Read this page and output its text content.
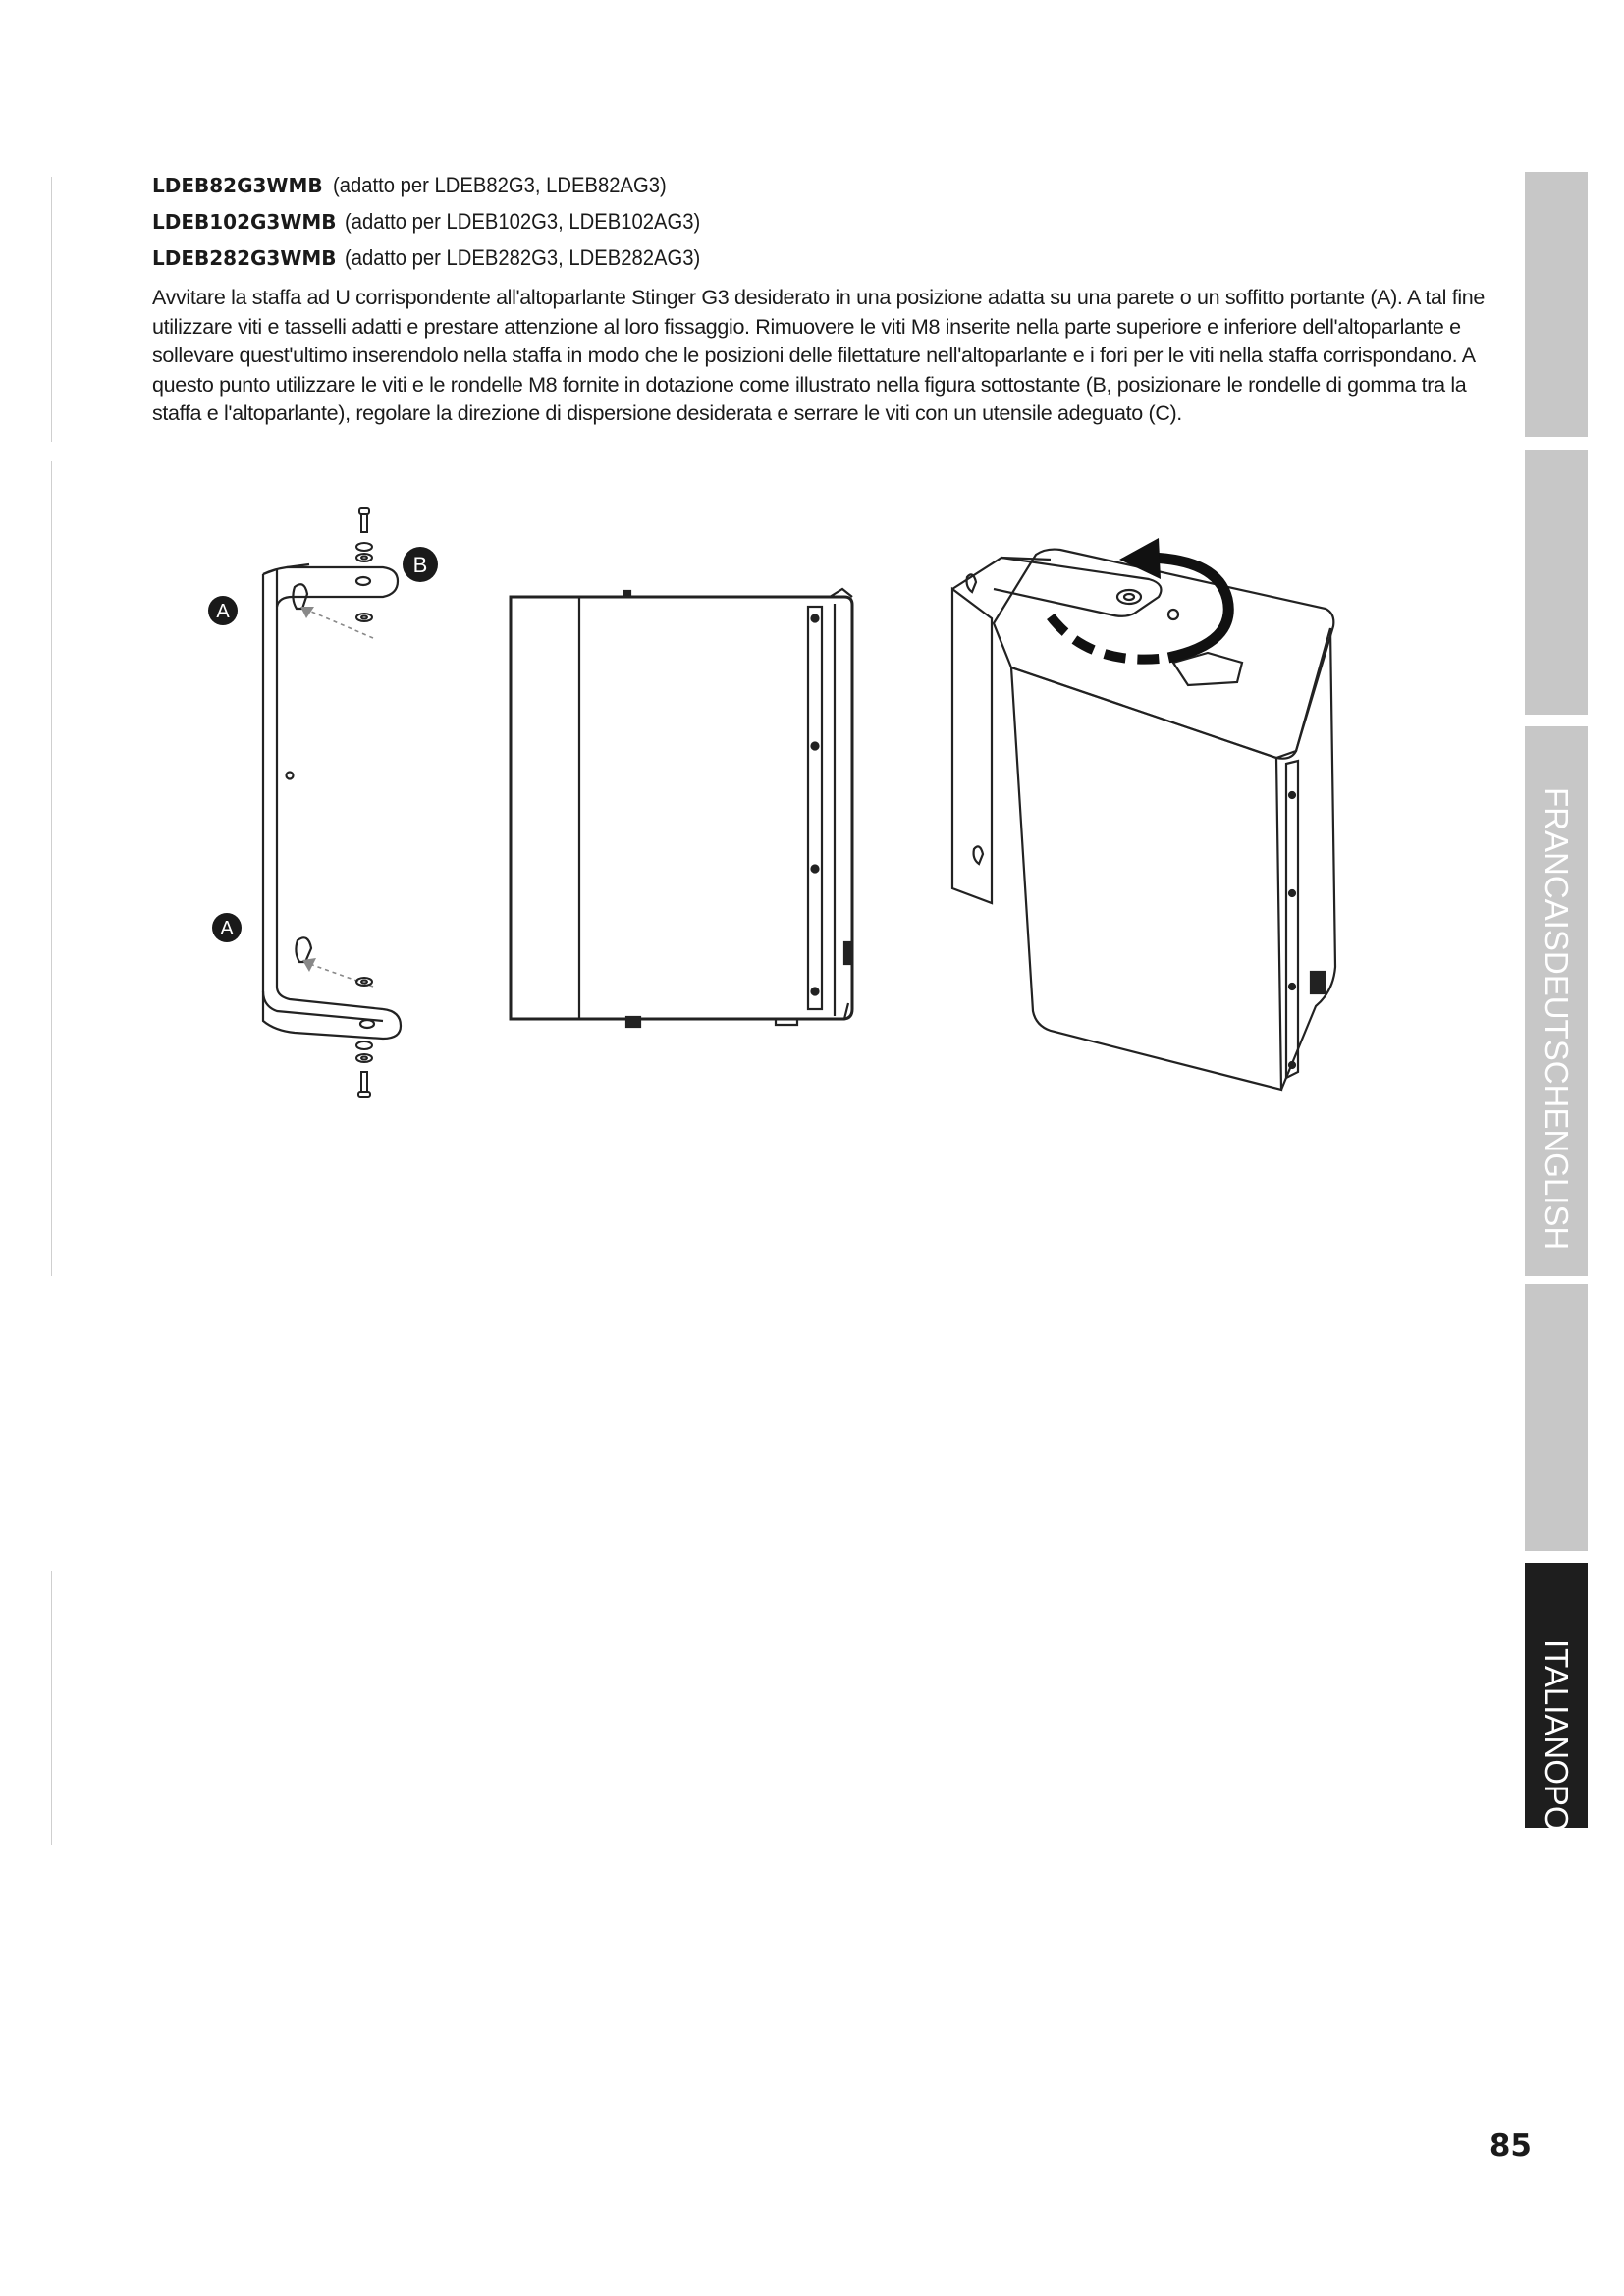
LDEB82G3WMB (adatto per LDEB82G3, LDEB82AG3)
LDEB102G3WMB (adatto per LDEB102G3, LDEB102AG3)
LDEB282G3WMB (adatto per LDEB282G3, LDEB282AG3)

Avvitare la staffa ad U corrispondente all'altoparlante Stinger G3 desiderato in una posizione adatta su una parete o un soffitto portante (A). A tal fine utilizzare viti e tasselli adatti e prestare attenzione al loro fissaggio. Rimuovere le viti M8 inserite nella parte superiore e inferiore dell'altoparlante e sollevare quest'ultimo inserendolo nella staffa in modo che le posizioni delle filettature nell'altoparlante e i fori per le viti nella staffa corrispondano. A questo punto utilizzare le viti e le rondelle M8 fornite in dotazione come illustrato nella figura sottostante (B, posizionare le rondelle di gomma tra la staffa e l'altoparlante), regolare la direzione di dispersione desiderata e serrare le viti con un utensile adeguato (C).

A
A
B
FRANCAISDEUTSCHENGLISH
ITALIANOPOLSKI
85
